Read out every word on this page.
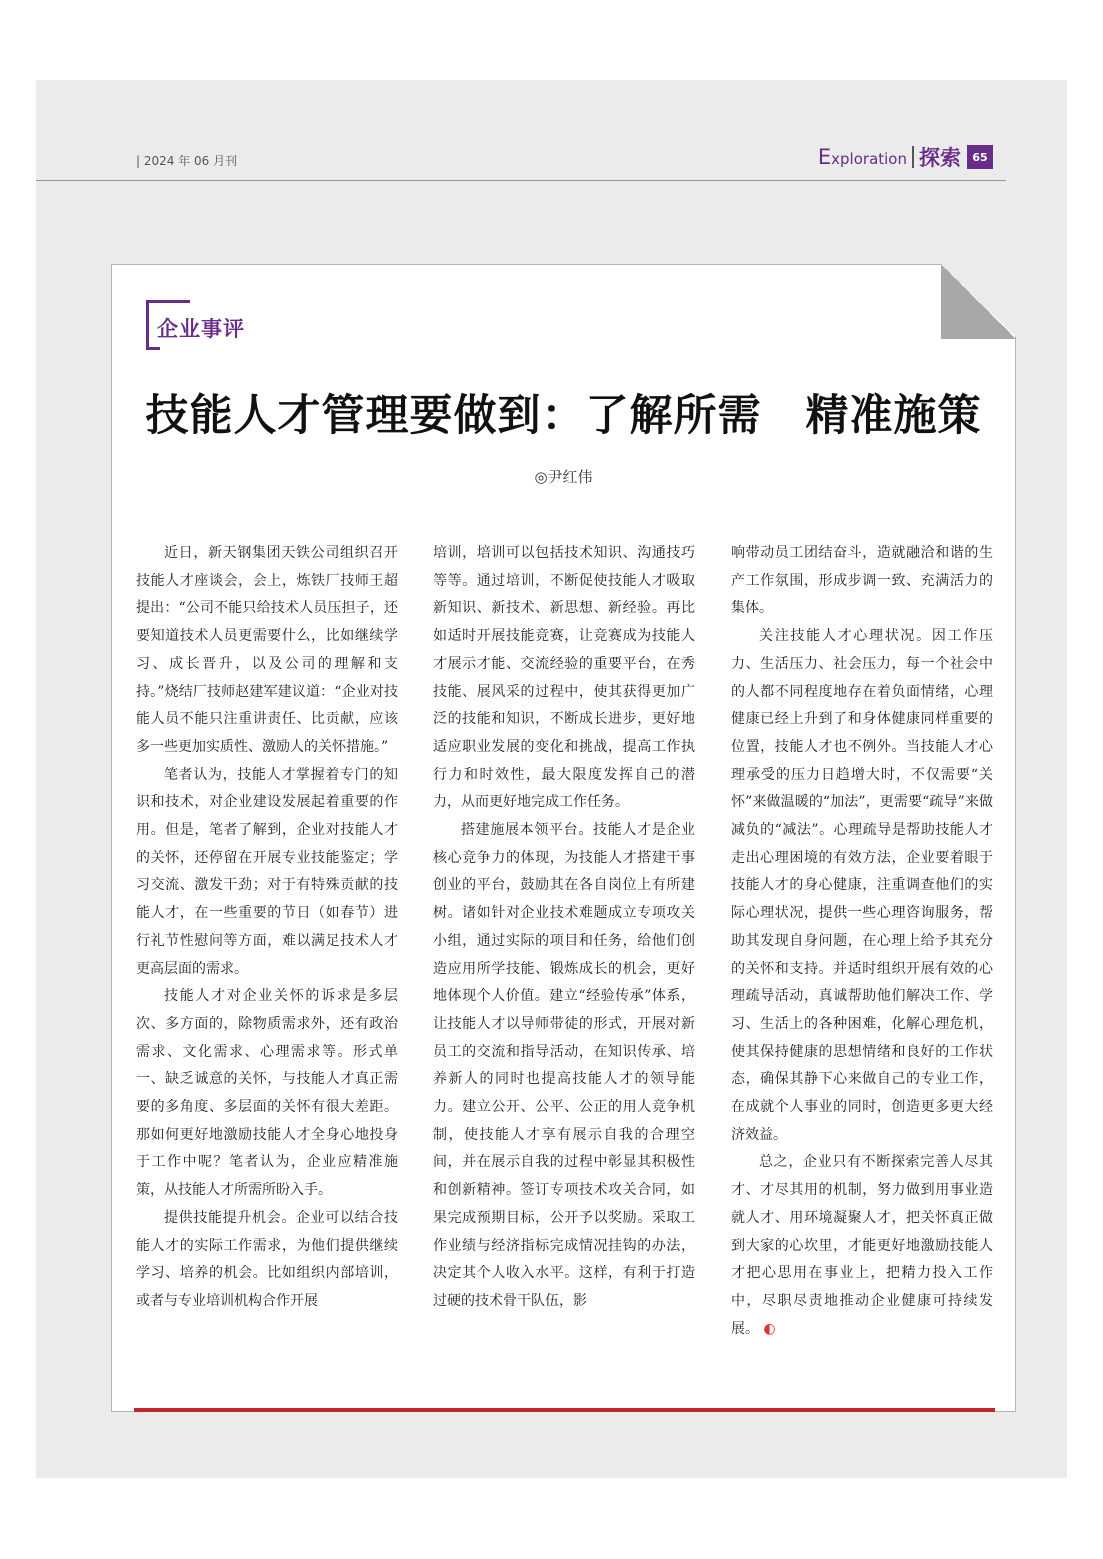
| 2024 年 06 月刊	Exploration 探索	65
企业事评
技能人才管理要做到：了解所需　精准施策
◎尹红伟

近日，新天钢集团天铁公司组织召开技能人才座谈会，会上，炼铁厂技师王超提出：“公司不能只给技术人员压担子，还要知道技术人员更需要什么，比如继续学习、成长晋升，以及公司的理解和支持。”烧结厂技师赵建军建议道：“企业对技能人员不能只注重讲责任、比贡献，应该多一些更加实质性、激励人的关怀措施。”

笔者认为，技能人才掌握着专门的知识和技术，对企业建设发展起着重要的作用。但是，笔者了解到，企业对技能人才的关怀，还停留在开展专业技能鉴定；学习交流、激发干劲；对于有特殊贡献的技能人才，在一些重要的节日（如春节）进行礼节性慰问等方面，难以满足技术人才更高层面的需求。

技能人才对企业关怀的诉求是多层次、多方面的，除物质需求外，还有政治需求、文化需求、心理需求等。形式单一、缺乏诚意的关怀，与技能人才真正需要的多角度、多层面的关怀有很大差距。那如何更好地激励技能人才全身心地投身于工作中呢？笔者认为，企业应精准施策，从技能人才所需所盼入手。

提供技能提升机会。企业可以结合技能人才的实际工作需求，为他们提供继续学习、培养的机会。比如组织内部培训，或者与专业培训机构合作开展

培训，培训可以包括技术知识、沟通技巧等等。通过培训，不断促使技能人才吸取新知识、新技术、新思想、新经验。再比如适时开展技能竞赛，让竞赛成为技能人才展示才能、交流经验的重要平台，在秀技能、展风采的过程中，使其获得更加广泛的技能和知识，不断成长进步，更好地适应职业发展的变化和挑战，提高工作执行力和时效性，最大限度发挥自己的潜力，从而更好地完成工作任务。

搭建施展本领平台。技能人才是企业核心竞争力的体现，为技能人才搭建干事创业的平台，鼓励其在各自岗位上有所建树。诸如针对企业技术难题成立专项攻关小组，通过实际的项目和任务，给他们创造应用所学技能、锻炼成长的机会，更好地体现个人价值。建立“经验传承”体系，让技能人才以导师带徒的形式，开展对新员工的交流和指导活动，在知识传承、培养新人的同时也提高技能人才的领导能力。建立公开、公平、公正的用人竞争机制，使技能人才享有展示自我的合理空间，并在展示自我的过程中彰显其积极性和创新精神。签订专项技术攻关合同，如果完成预期目标，公开予以奖励。采取工作业绩与经济指标完成情况挂钩的办法，决定其个人收入水平。这样，有利于打造过硬的技术骨干队伍，影

响带动员工团结奋斗，造就融洽和谐的生产工作氛围，形成步调一致、充满活力的集体。

关注技能人才心理状况。因工作压力、生活压力、社会压力，每一个社会中的人都不同程度地存在着负面情绪，心理健康已经上升到了和身体健康同样重要的位置，技能人才也不例外。当技能人才心理承受的压力日趋增大时，不仅需要“关怀”来做温暖的“加法”，更需要“疏导”来做减负的“减法”。心理疏导是帮助技能人才走出心理困境的有效方法，企业要着眼于技能人才的身心健康，注重调查他们的实际心理状况，提供一些心理咨询服务，帮助其发现自身问题，在心理上给予其充分的关怀和支持。并适时组织开展有效的心理疏导活动，真诚帮助他们解决工作、学习、生活上的各种困难，化解心理危机，使其保持健康的思想情绪和良好的工作状态，确保其静下心来做自己的专业工作，在成就个人事业的同时，创造更多更大经济效益。

总之，企业只有不断探索完善人尽其才、才尽其用的机制，努力做到用事业造就人才、用环境凝聚人才，把关怀真正做到大家的心坎里，才能更好地激励技能人才把心思用在事业上，把精力投入工作中，尽职尽责地推动企业健康可持续发展。 ◐
